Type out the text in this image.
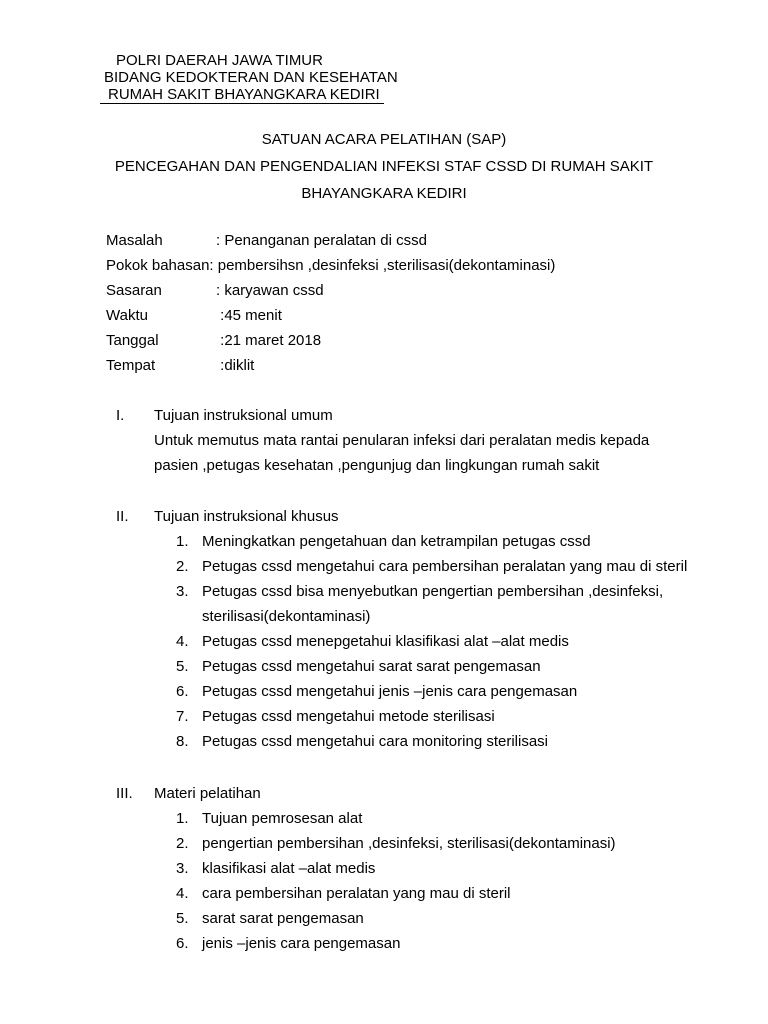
POLRI DAERAH JAWA TIMUR
BIDANG KEDOKTERAN DAN KESEHATAN
RUMAH SAKIT BHAYANGKARA KEDIRI
SATUAN ACARA PELATIHAN (SAP)
PENCEGAHAN DAN PENGENDALIAN INFEKSI STAF CSSD DI RUMAH SAKIT
BHAYANGKARA KEDIRI
Masalah	: Penanganan peralatan di cssd
Pokok bahasan: pembersihsn ,desinfeksi ,sterilisasi(dekontaminasi)
Sasaran	: karyawan cssd
Waktu	:45 menit
Tanggal	:21 maret 2018
Tempat	:diklit
I. Tujuan instruksional umum
Untuk memutus mata rantai penularan infeksi dari peralatan medis kepada
pasien ,petugas kesehatan ,pengunjug dan lingkungan rumah sakit
II. Tujuan instruksional khusus
1. Meningkatkan pengetahuan dan ketrampilan petugas cssd
2. Petugas cssd mengetahui cara pembersihan peralatan yang mau di steril
3. Petugas cssd bisa menyebutkan pengertian pembersihan ,desinfeksi,
sterilisasi(dekontaminasi)
4. Petugas cssd menepgetahui klasifikasi alat –alat medis
5. Petugas cssd mengetahui sarat sarat pengemasan
6. Petugas cssd mengetahui jenis –jenis cara pengemasan
7. Petugas cssd mengetahui metode sterilisasi
8. Petugas cssd mengetahui cara monitoring sterilisasi
III. Materi pelatihan
1. Tujuan pemrosesan alat
2. pengertian pembersihan ,desinfeksi, sterilisasi(dekontaminasi)
3. klasifikasi alat –alat medis
4. cara pembersihan peralatan yang mau di steril
5. sarat sarat pengemasan
6. jenis –jenis cara pengemasan
